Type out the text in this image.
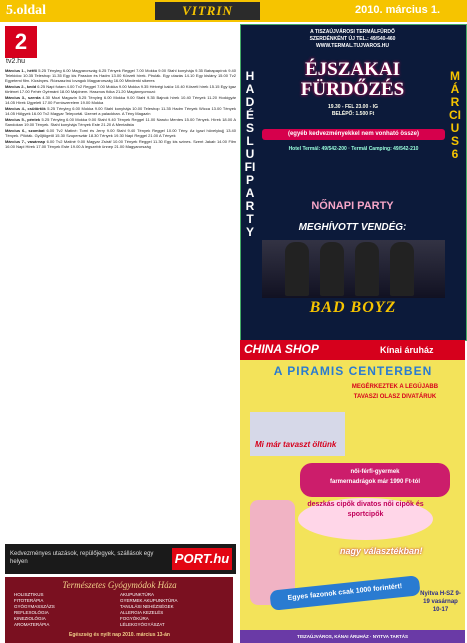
5.oldal	VITRIN	2010. március 1.
2
tv2.hu

Március 1., hétfő 5.25 Tényleg 6.00 Magyarország 6.25 Tények Reggel 7.00 Mokka 9.00 Stahl konyhája 9.35 Babapapírok 9.40 Telekidoc 10.35 Teleshop 11.35 Egy kis Passion és Hadm 13.00 Körzeti hírek. Pirulák. Egy utazás 14.10 Egy kislány 15.00 Tv2 Egyetemi film. Kicsinyes. Rózsaszínú lovagok Magyarország 16.00 Mindenki sikeres

Március 2., kedd 6.25 Napi futam 4.00 Tv2 Reggel 7.00 Mokka 9.00 Mokka 9.35 Hétvégi kalóz 10.40 Körzeti hírek 15.15 Egy igaz történet 17.00 Fehér Gyémánt 18.00 Majdnem. Hasznos fióka 21.20 Magánnyomozó

Március 3., szerda 4.30 Mozi Magazin 5.25 Tényleg 6.00 Mokka 9.00 Stahl 9.35 Bajnok hírek 10.40 Tények 11.20 Hodógyár 14.05 Hírek Ügyeleti 17.00 Forrószerelem 19.00 Mokka

Március 4., csütörtök 5.25 Tényleg 6.00 Mokka 9.00 Stahl konyhája 10.00 Teleshop 11.35 Hadm Tények Wicca 13.00 Tények 14.05 Hölgyek 16.00 Tv2 Magyar Teleportál. Üzenet a palackban. A Tény Magazin

Március 5., péntek 5.25 Tényleg 6.00 Mokka 9.00 Stahl 9.40 Tények Reggel 11.00 Naruto Mentes 15.00 Tények. Hírek 18.00 A Sandokan 19.00 Tények. Stahl konyhája Tények Este 21.20 A Mentalista

Március 6., szombat 6.00 Tv2 Matiné: Tomi és Jerry 9.00 Stahl 9.40 Tények Reggel 10.00 Tény. Az igazi hüvelykujj 13.40 Tények. Pilóták. Gyűjtögető 15.30 Szupersztár 18.30 Tények 19.30 Napi Reggel 21.00 A Tények

Március 7., vasárnap 6.00 Tv2 Matiné 9.00 Magyar Zsiráf 10.00 Tények Reggel 11.30 Egy kis színes. Szent Jakab 14.00 Film 16.00 Napi Hírek 17.00 Tények Este 19.00 A legszebb ünnep 21.00 Magyarország

Kedvezményes utazások, repülőjegyek, szállások egy helyen	PORT.hu
Természetes Gyógymódok Háza
HOLISZTIKUS
FITOTERÁPIA
GYÓGYMASSZÁZS
REFLEXOLÓGIA
KINEZIOLÓGIA
AROMATERÁPIA
AKUPUNKTÚRA
GYERMEK AKUPUNKTÚRA
TANULÁSI NEHÉZSÉGEK
ALLERGIA KEZELÉS
FOGYÓKÚRA
LÉLEKGYÓGYÁSZAT
Egészség és nyílt nap 2010. március 13-án
A TISZAÚJVÁROSI TERMÁLFÜRDŐ
SZERDÉNKÉNT ÚJ TEL.: 49/540-460
WWW.TERMAL.TUJVAROS.HU
ÉJSZAKAI
FÜRDŐZÉS
19.30 - FEL 23.00 - IG
BELÉPŐ: 1.500 Ft
(egyéb kedvezményekkel nem vonható össze)
Hotel Termál: 49/542-200 · Termál Camping: 49/542-210
HADÉSLUFIPARTY
MÁRCIUS6
NŐNAPI PARTY
MEGHÍVOTT VENDÉG:
BAD BOYZ
CHINA SHOP	Kínai áruház
A PIRAMIS CENTERBEN
MEGÉRKEZTEK A LEGÚJABB
TAVASZI OLASZ DIVATÁRUK
Mi már tavaszt öltünk
női-férfi-gyermek
farmernadrágok már 1990 Ft-tól
deszkás cipők divatos női cipők és sportcipők
nagy választékban!
Egyes fazonok csak 1000 forintért!	Nyitva H-SZ 9-19 vasárnap 10-17
TISZAÚJVÁROS, KÁNAI ÁRUHÁZ · NYITVA TARTÁS
